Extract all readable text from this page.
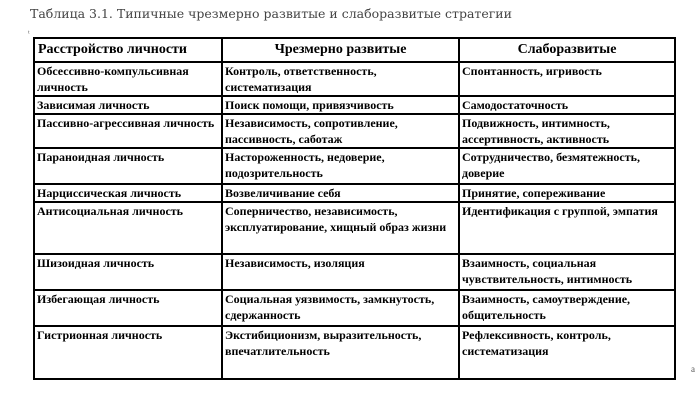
Таблица 3.1. Типичные чрезмерно развитые и слаборазвитые стратегии
ᵗ
a
Расстройство личности	Чрезмерно развитые	Слаборазвитые
Обсессивно-компульсивная личность	Контроль, ответственность, систематизация	Спонтанность, игривость
Зависимая личность	Поиск помощи, привязчивость	Самодостаточность
Пассивно-агрессивная личность	Независимость, сопротивление, пассивность, саботаж	Подвижность, интимность, ассертивность, активность
Параноидная личность	Настороженность, недоверие, подозрительность	Сотрудничество, безмятежность, доверие
Нарциссическая личность	Возвеличивание себя	Принятие, сопереживание
Антисоциальная личность	Соперничество, независимость, эксплуатирование, хищный образ жизни	Идентификация с группой, эмпатия
Шизоидная личность	Независимость, изоляция	Взаимность, социальная чувствительность, интимность
Избегающая личность	Социальная уязвимость, замкнутость, сдержанность	Взаимность, самоутверждение, общительность
Гистрионная личность	Экстибиционизм, выразительность, впечатлительность	Рефлексивность, контроль, систематизация
